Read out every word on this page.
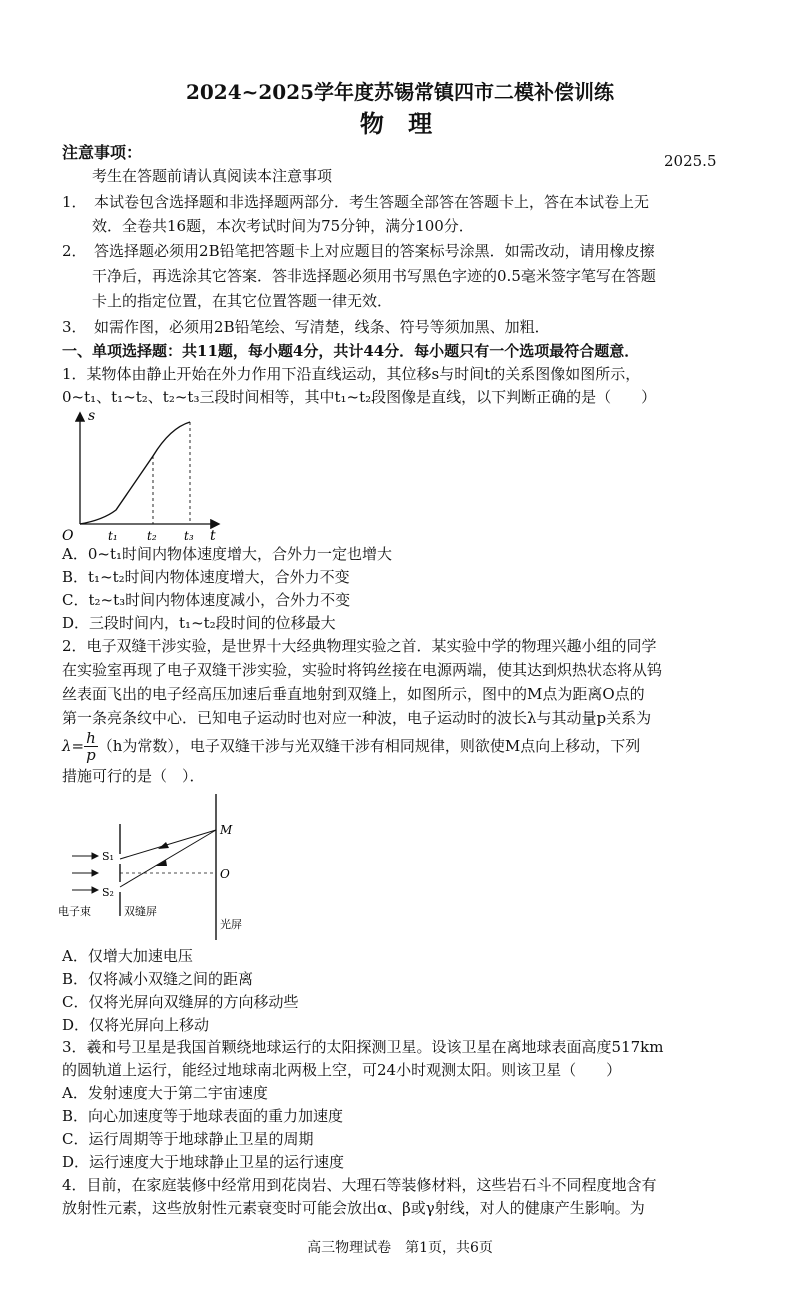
2024~2025学年度苏锡常镇四市二模补偿训练
物 理
注意事项：	2025.5
考生在答题前请认真阅读本注意事项
1．　本试卷包含选择题和非选择题两部分．考生答题全部答在答题卡上，答在本试卷上无
效．全卷共16题，本次考试时间为75分钟，满分100分．
2．　答选择题必须用2B铅笔把答题卡上对应题目的答案标号涂黑．如需改动，请用橡皮擦
干净后，再选涂其它答案．答非选择题必须用书写黑色字迹的0.5毫米签字笔写在答题
卡上的指定位置，在其它位置答题一律无效．
3．　如需作图，必须用2B铅笔绘、写清楚，线条、符号等须加黑、加粗．
一、单项选择题：共11题，每小题4分，共计44分．每小题只有一个选项最符合题意．
1．某物体由静止开始在外力作用下沿直线运动，其位移s与时间t的关系图像如图所示，
0~t₁、t₁~t₂、t₂~t₃三段时间相等，其中t₁~t₂段图像是直线，以下判断正确的是（　　）
s
t
O	t₁ t₂ t₃
A．0~t₁时间内物体速度增大，合外力一定也增大
B．t₁~t₂时间内物体速度增大，合外力不变
C．t₂~t₃时间内物体速度减小，合外力不变
D．三段时间内，t₁~t₂段时间的位移最大
2．电子双缝干涉实验，是世界十大经典物理实验之首．某实验中学的物理兴趣小组的同学
在实验室再现了电子双缝干涉实验，实验时将钨丝接在电源两端，使其达到炽热状态将从钨
丝表面飞出的电子经高压加速后垂直地射到双缝上，如图所示，图中的M点为距离O点的
第一条亮条纹中心．已知电子运动时也对应一种波，电子运动时的波长λ与其动量p关系为
$\lambda= \frac{h}{p} (h$为常数），电子双缝干涉与光双缝干涉有相同规律，则欲使M点向上移动，下列
措施可行的是（　）．
M
O
S₁
S₂
电子束	双缝屏
光屏
A．仅增大加速电压
B．仅将减小双缝之间的距离
C．仅将光屏向双缝屏的方向移动些
D．仅将光屏向上移动
3．羲和号卫星是我国首颗绕地球运行的太阳探测卫星。设该卫星在离地球表面高度517km
的圆轨道上运行，能经过地球南北两极上空，可24小时观测太阳。则该卫星（　　）
A．发射速度大于第二宇宙速度
B．向心加速度等于地球表面的重力加速度
C．运行周期等于地球静止卫星的周期
D．运行速度大于地球静止卫星的运行速度
4．目前，在家庭装修中经常用到花岗岩、大理石等装修材料，这些岩石斗不同程度地含有
放射性元素，这些放射性元素衰变时可能会放出α、β或γ射线，对人的健康产生影响。为
高三物理试卷　第1页，共6页
